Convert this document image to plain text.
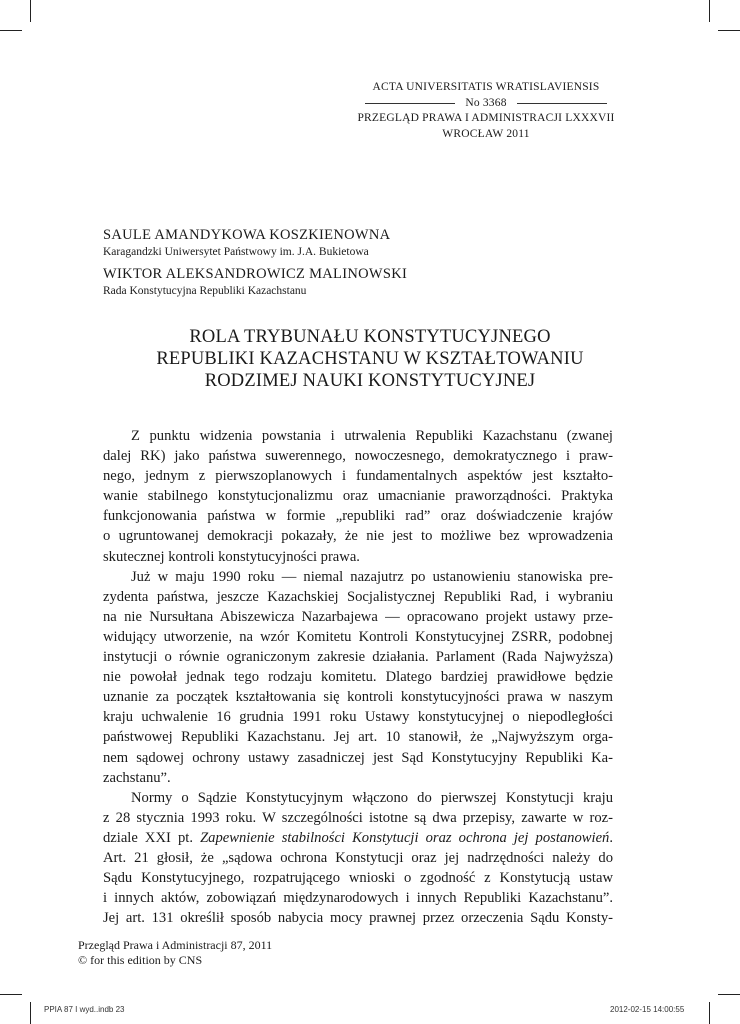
ACTA UNIVERSITATIS WRATISLAVIENSIS
No 3368
PRZEGLĄD PRAWA I ADMINISTRACJI LXXXVII
WROCŁAW 2011
SAULE AMANDYKOWA KOSZKIENOWNA
Karagandzki Uniwersytet Państwowy im. J.A. Bukietowa
WIKTOR ALEKSANDROWICZ MALINOWSKI
Rada Konstytucyjna Republiki Kazachstanu
ROLA TRYBUNAŁU KONSTYTUCYJNEGO
REPUBLIKI KAZACHSTANU W KSZTAŁTOWANIU
RODZIMEJ NAUKI KONSTYTUCYJNEJ
Z punktu widzenia powstania i utrwalenia Republiki Kazachstanu (zwanej
dalej RK) jako państwa suwerennego, nowoczesnego, demokratycznego i praw-
nego, jednym z pierwszoplanowych i fundamentalnych aspektów jest kształto-
wanie stabilnego konstytucjonalizmu oraz umacnianie praworządności. Praktyka
funkcjonowania państwa w formie „republiki rad” oraz doświadczenie krajów
o ugruntowanej demokracji pokazały, że nie jest to możliwe bez wprowadzenia
skutecznej kontroli konstytucyjności prawa.
Już w maju 1990 roku — niemal nazajutrz po ustanowieniu stanowiska pre-
zydenta państwa, jeszcze Kazachskiej Socjalistycznej Republiki Rad, i wybraniu
na nie Nursułtana Abiszewicza Nazarbajewa — opracowano projekt ustawy prze-
widujący utworzenie, na wzór Komitetu Kontroli Konstytucyjnej ZSRR, podobnej
instytucji o równie ograniczonym zakresie działania. Parlament (Rada Najwyższa)
nie powołał jednak tego rodzaju komitetu. Dlatego bardziej prawidłowe będzie
uznanie za początek kształtowania się kontroli konstytucyjności prawa w naszym
kraju uchwalenie 16 grudnia 1991 roku Ustawy konstytucyjnej o niepodległości
państwowej Republiki Kazachstanu. Jej art. 10 stanowił, że „Najwyższym orga-
nem sądowej ochrony ustawy zasadniczej jest Sąd Konstytucyjny Republiki Ka-
zachstanu”.
Normy o Sądzie Konstytucyjnym włączono do pierwszej Konstytucji kraju
z 28 stycznia 1993 roku. W szczególności istotne są dwa przepisy, zawarte w roz-
dziale XXI pt. Zapewnienie stabilności Konstytucji oraz ochrona jej postanowień.
Art. 21 głosił, że „sądowa ochrona Konstytucji oraz jej nadrzędności należy do
Sądu Konstytucyjnego, rozpatrującego wnioski o zgodność z Konstytucją ustaw
i innych aktów, zobowiązań międzynarodowych i innych Republiki Kazachstanu”.
Jej art. 131 określił sposób nabycia mocy prawnej przez orzeczenia Sądu Konsty-
Przegląd Prawa i Administracji 87, 2011
© for this edition by CNS
PPIA 87 I wyd..indb 23	2012-02-15 14:00:55
